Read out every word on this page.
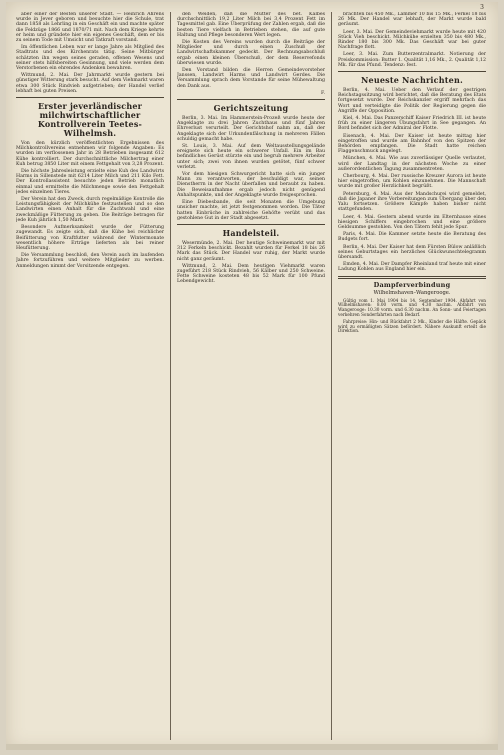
3

aber einer der Besten unserer Stadt. — Heinrich Ahrens wurde in Jever geboren und besuchte hier die Schule, trat dann 1858 als Lehrling in ein Geschäft ein und machte später die Feldzüge 1866 und 1870/71 mit. Nach dem Kriege kehrte er heim und gründete hier ein eigenes Geschäft, dem er bis zu seinem Tode mit Umsicht und Tatkraft vorstand.

Im öffentlichen Leben war er lange Jahre als Mitglied des Stadtrats und des Kirchenrats tätig. Seine Mitbürger schätzten ihn wegen seines geraden, offenen Wesens und seiner stets hilfsbereiten Gesinnung, und viele werden dem Verstorbenen ein ehrendes Andenken bewahren.

Wittmund, 2. Mai. Der Jahrmarkt wurde gestern bei günstiger Witterung stark besucht. Auf dem Viehmarkt waren etwa 300 Stück Rindvieh aufgetrieben; der Handel verlief lebhaft bei guten Preisen.

Erster jeverländischer milchwirtschaftlicher Kontrollverein Teetes-Wilhelmsh.

Von den kürzlich veröffentlichten Ergebnissen des Milchkontrollvereins entnehmen wir folgende Angaben: Es wurden im verflossenen Jahr in 28 Betrieben insgesamt 612 Kühe kontrolliert. Der durchschnittliche Milchertrag einer Kuh betrug 3850 Liter mit einem Fettgehalt von 3,28 Prozent.

Die höchste Jahresleistung erzielte eine Kuh des Landwirts Harms in Sillenstede mit 6214 Liter Milch und 211 Kilo Fett. Der Kontrollassistent besuchte jeden Betrieb monatlich einmal und ermittelte die Milchmenge sowie den Fettgehalt jedes einzelnen Tieres.

Der Verein hat den Zweck, durch regelmäßige Kontrolle die Leistungsfähigkeit der Milchkühe festzustellen und so den Landwirten einen Anhalt für die Zuchtwahl und eine zweckmäßige Fütterung zu geben. Die Beiträge betragen für jede Kuh jährlich 1,50 Mark.

Besondere Aufmerksamkeit wurde der Fütterung zugewandt. Es zeigte sich, daß die Kühe bei reichlicher Beifütterung von Kraftfutter während der Wintermonate wesentlich höhere Erträge lieferten als bei reiner Heufütterung.

Die Versammlung beschloß, den Verein auch im laufenden Jahre fortzuführen und weitere Mitglieder zu werben. Anmeldungen nimmt der Vorsitzende entgegen.

den Weiden, daß die Mutter des bet. Kalbes durchschnittlich 19,2 Liter Milch bei 3,4 Prozent Fett im Tagesmittel gab. Eine Überprüfung der Zahlen ergab, daß die besten Tiere vielfach in Betrieben stehen, die auf gute Haltung und Pflege besonderen Wert legen.

Die Kosten des Vereins wurden durch die Beiträge der Mitglieder und durch einen Zuschuß der Landwirtschaftskammer gedeckt. Der Rechnungsabschluß ergab einen kleinen Überschuß, der dem Reservefonds überwiesen wurde.

Den Vorstand bilden die Herren Gemeindevorsteher Janssen, Landwirt Harms und Landwirt Gerdes. Die Versammlung sprach dem Vorstande für seine Mühewaltung den Dank aus.

F.

Gerichtszeitung

Berlin, 3. Mai. Im Hammerstein-Prozeß wurde heute der Angeklagte zu drei Jahren Zuchthaus und fünf Jahren Ehrverlust verurteilt. Der Gerichtshof nahm an, daß der Angeklagte sich der Urkundenfälschung in mehreren Fällen schuldig gemacht habe.

St. Louis, 3. Mai. Auf dem Weltausstellungsgelände ereignete sich heute ein schwerer Unfall. Ein im Bau befindliches Gerüst stürzte ein und begrub mehrere Arbeiter unter sich; zwei von ihnen wurden getötet, fünf schwer verletzt.

Vor dem hiesigen Schwurgericht hatte sich ein junger Mann zu verantworten, der beschuldigt war, seinen Dienstherrn in der Nacht überfallen und beraubt zu haben. Die Beweisaufnahme ergab jedoch nicht genügend Anhaltspunkte, und der Angeklagte wurde freigesprochen.

Eine Diebesbande, die seit Monaten die Umgebung unsicher machte, ist jetzt festgenommen worden. Die Täter hatten Einbrüche in zahlreiche Gehöfte verübt und das gestohlene Gut in der Stadt abgesetzt.

Handelsteil.

Wesermünde, 2. Mai. Der heutige Schweinemarkt war mit 312 Ferkeln beschickt. Bezahlt wurden für Ferkel 18 bis 26 Mark das Stück. Der Handel war ruhig, der Markt wurde nicht ganz geräumt.

Wittmund, 2. Mai. Dem heutigen Viehmarkt waren zugeführt 218 Stück Rindvieh, 56 Kälber und 250 Schweine. Fette Schweine kosteten 48 bis 52 Mark für 100 Pfund Lebendgewicht.

brachten bis 450 Mk., Lämmer 10 bis 15 Mk., Ferkel 18 bis 26 Mk. Der Handel war lebhaft, der Markt wurde bald geräumt.

Leer, 3. Mai. Der Gemeindeviehmarkt wurde heute mit 420 Stück Vieh beschickt. Milchkühe erzielten 350 bis 480 Mk., Rinder 180 bis 300 Mk. Das Geschäft war bei guter Nachfrage flott.

Leer, 3. Mai. Zum Butterzentralmarkt. Notierung der Preiskommission: Butter 1. Qualität 1,16 Mk., 2. Qualität 1,12 Mk. für das Pfund. Tendenz: fest.

Neueste Nachrichten.

Berlin, 4. Mai. Ueber den Verlauf der gestrigen Reichstagssitzung wird berichtet, daß die Beratung des Etats fortgesetzt wurde. Der Reichskanzler ergriff mehrfach das Wort und verteidigte die Politik der Regierung gegen die Angriffe der Opposition.

Kiel, 4. Mai. Das Panzerschiff Kaiser Friedrich III. ist heute früh zu einer längeren Übungsfahrt in See gegangen. An Bord befindet sich der Admiral der Flotte.

Eisenach, 4. Mai. Der Kaiser ist heute mittag hier eingetroffen und wurde am Bahnhof von den Spitzen der Behörden empfangen. Die Stadt hatte reichen Flaggenschmuck angelegt.

München, 4. Mai. Wie aus zuverlässiger Quelle verlautet, wird der Landtag in der nächsten Woche zu einer außerordentlichen Tagung zusammentreten.

Cherbourg, 4. Mai. Der russische Kreuzer Aurora ist heute hier eingetroffen, um Kohlen einzunehmen. Die Mannschaft wurde mit großer Herzlichkeit begrüßt.

Petersburg, 4. Mai. Aus der Mandschurei wird gemeldet, daß die Japaner ihre Vorbereitungen zum Übergang über den Yalu fortsetzen. Größere Kämpfe haben bisher nicht stattgefunden.

Leer, 4. Mai. Gestern abend wurde im Elternhause eines hiesigen Schiffers eingebrochen und eine größere Geldsumme gestohlen. Von den Tätern fehlt jede Spur.

Paris, 4. Mai. Die Kammer setzte heute die Beratung des Budgets fort.

Berlin, 4. Mai. Der Kaiser hat dem Fürsten Bülow anläßlich seines Geburtstages ein herzliches Glückwunschtelegramm übersandt.

Emden, 4. Mai. Der Dampfer Rheinland traf heute mit einer Ladung Kohlen aus England hier ein.

Dampferverbindung
Wilhelmshaven–Wangerooge.

Gültig vom 1. Mai 1904 bis 14. September 1904. Abfahrt von Wilhelmshaven: 8.00 vorm. und 4.30 nachm. Abfahrt von Wangerooge: 10.30 vorm. und 6.30 nachm. An Sonn- und Feiertagen verkehren Sonderfahrten nach Bedarf.

Fahrpreise: Hin- und Rückfahrt 2 Mk., Kinder die Hälfte. Gepäck wird zu ermäßigten Sätzen befördert. Nähere Auskunft erteilt die Direktion.
